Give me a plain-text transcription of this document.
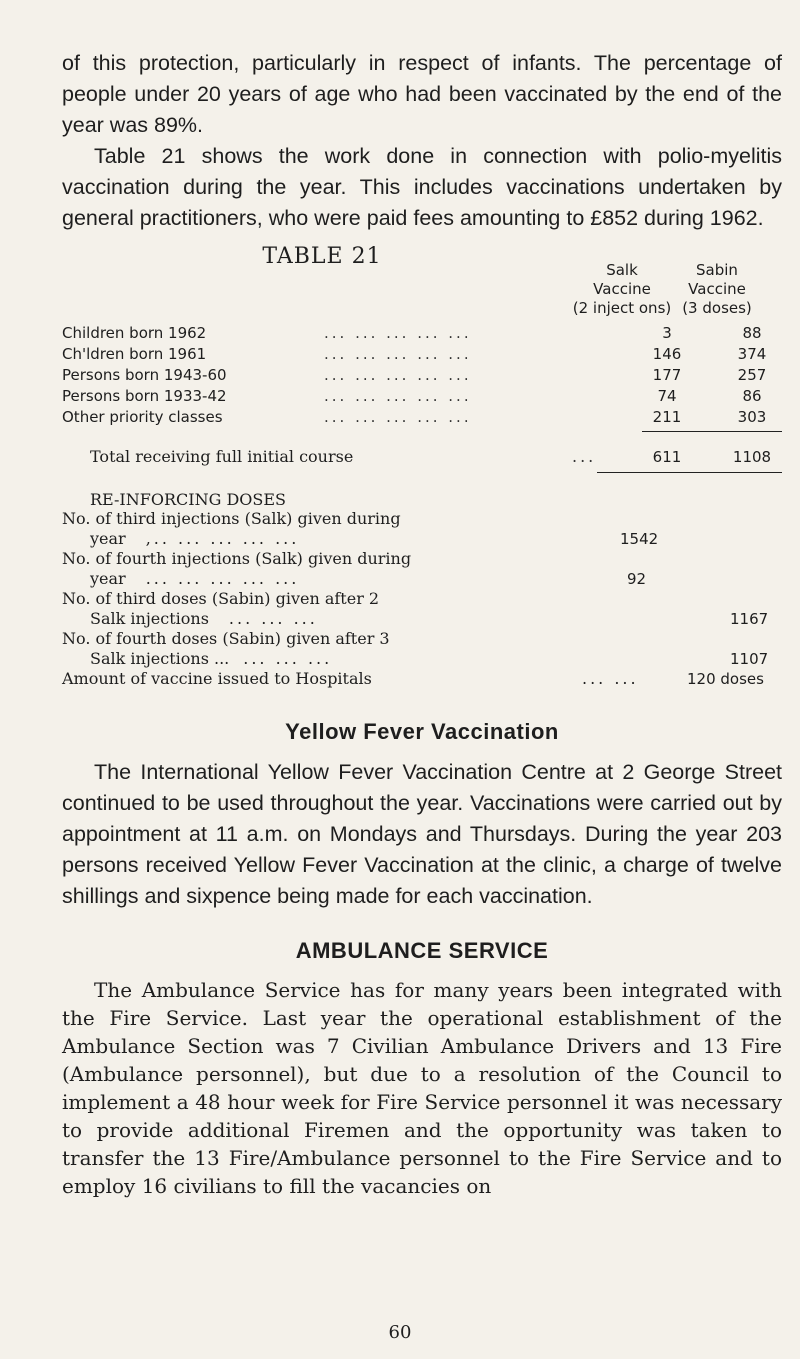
of this protection, particularly in respect of infants. The percentage of people under 20 years of age who had been vaccinated by the end of the year was 89%.

Table 21 shows the work done in connection with polio-myelitis vaccination during the year. This includes vaccinations undertaken by general practitioners, who were paid fees amounting to £852 during 1962.

TABLE 21
Salk
Vaccine
(2 inject ons)
Sabin
Vaccine
(3 doses)
Children born 1962	... ... ... ... ...	3	88
Ch'ldren born 1961	... ... ... ... ...	146	374
Persons born 1943-60	... ... ... ... ...	177	257
Persons born 1933-42	... ... ... ... ...	74	86
Other priority classes	... ... ... ... ...	211	303
Total receiving full initial course	...	611	1108
RE-INFORCING DOSES
No. of third injections (Salk) given during
year ,.. ... ... ... ...	1542
No. of fourth injections (Salk) given during
year ... ... ... ... ...	92
No. of third doses (Sabin) given after 2
Salk injections ... ... ...	1167
No. of fourth doses (Sabin) given after 3
Salk injections ... ... ... ...	1107
Amount of vaccine issued to Hospitals	... ...	120 doses
Yellow Fever Vaccination

The International Yellow Fever Vaccination Centre at 2 George Street continued to be used throughout the year. Vaccinations were carried out by appointment at 11 a.m. on Mondays and Thursdays. During the year 203 persons received Yellow Fever Vaccination at the clinic, a charge of twelve shillings and sixpence being made for each vaccination.

AMBULANCE SERVICE

The Ambulance Service has for many years been integrated with the Fire Service. Last year the operational establishment of the Ambulance Section was 7 Civilian Ambulance Drivers and 13 Fire (Ambulance personnel), but due to a resolution of the Council to implement a 48 hour week for Fire Service personnel it was necessary to provide additional Firemen and the opportunity was taken to transfer the 13 Fire/Ambulance personnel to the Fire Service and to employ 16 civilians to fill the vacancies on

60
